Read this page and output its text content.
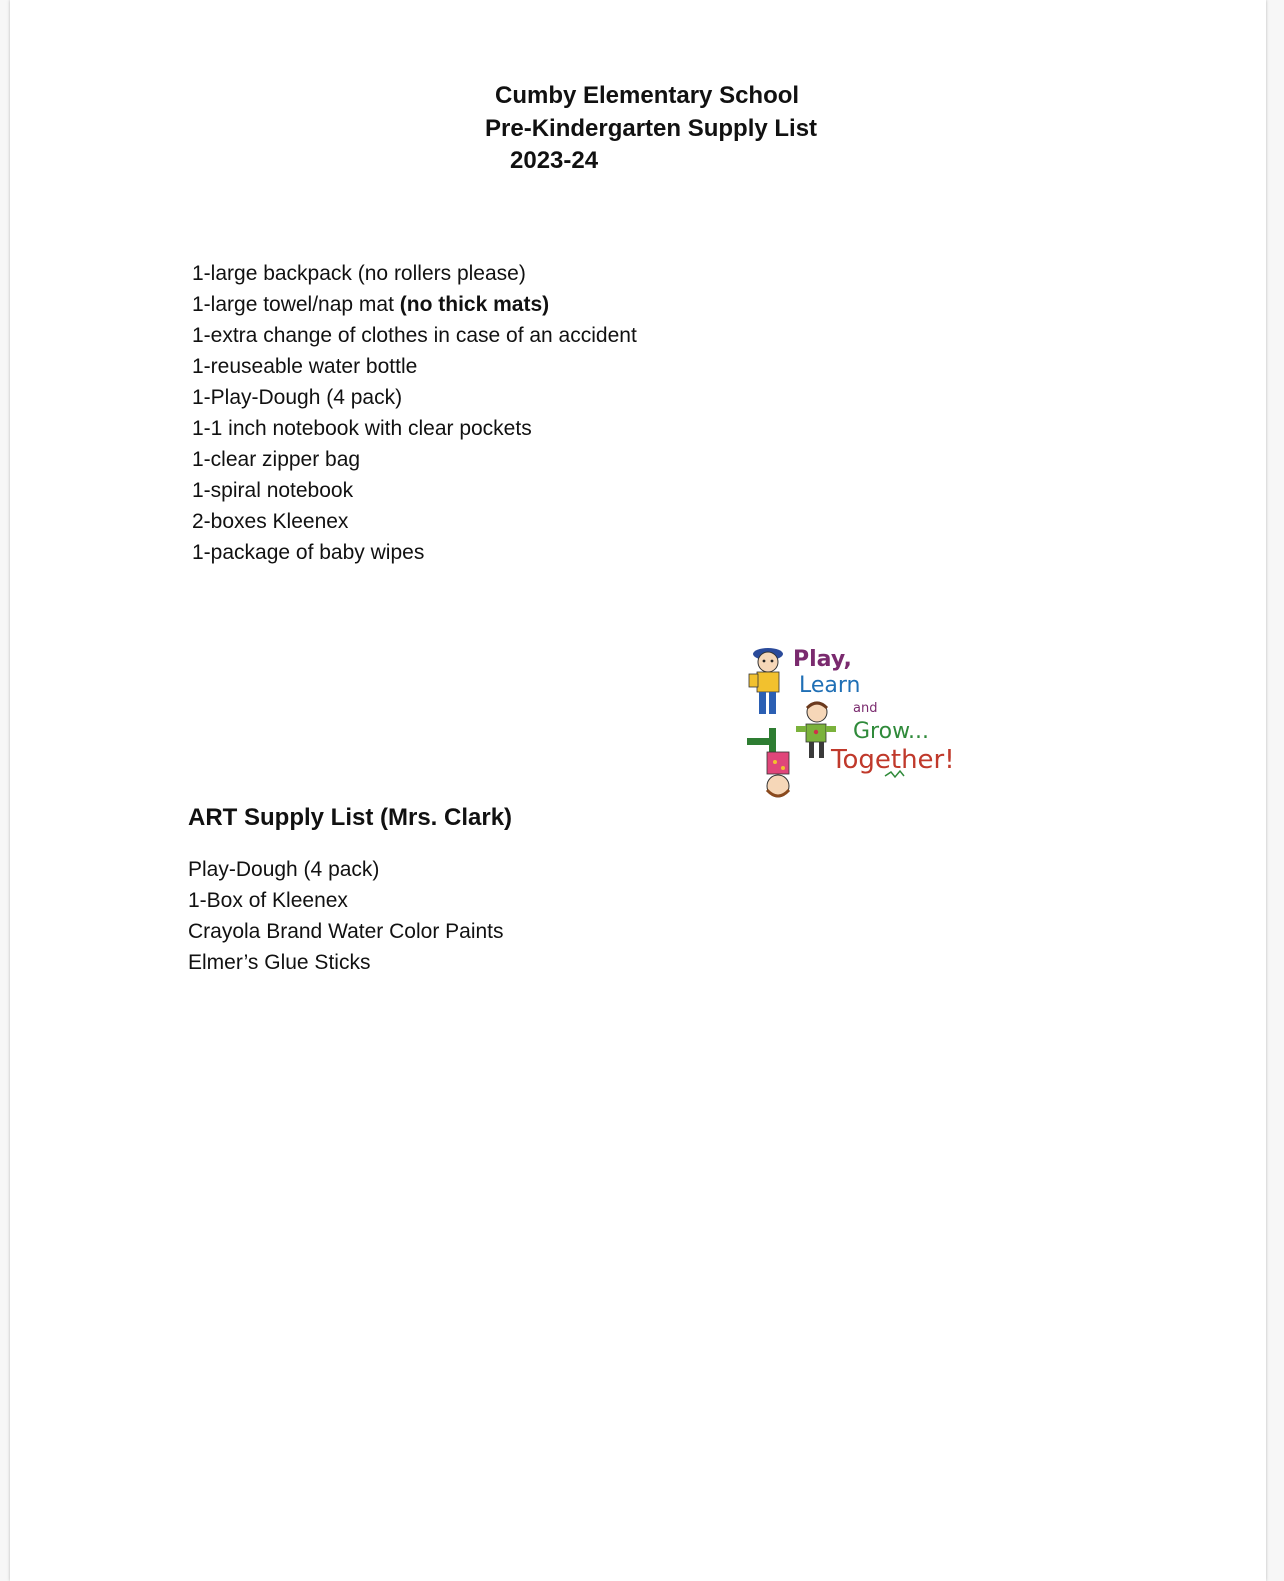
Cumby Elementary School
Pre-Kindergarten Supply List
2023-24
1-large backpack (no rollers please)
1-large towel/nap mat (no thick mats)
1-extra change of clothes in case of an accident
1-reuseable water bottle
1-Play-Dough (4 pack)
1-1 inch notebook with clear pockets
1-clear zipper bag
1-spiral notebook
2-boxes Kleenex
1-package of baby wipes
Play,
Learn
and
Grow...
Together!
ART Supply List (Mrs. Clark)
Play-Dough (4 pack)
1-Box of Kleenex
Crayola Brand Water Color Paints
Elmer’s Glue Sticks
